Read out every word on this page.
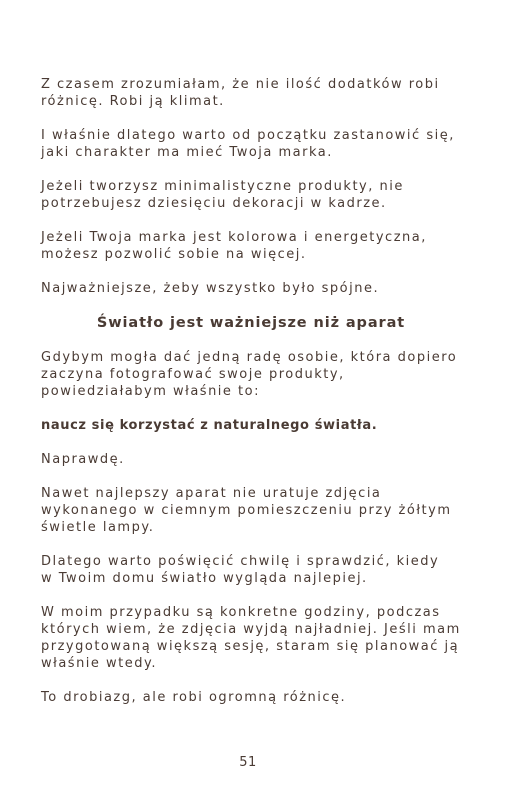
Z czasem zrozumiałam, że nie ilość dodatków robi
różnicę. Robi ją klimat.

I właśnie dlatego warto od początku zastanowić się,
jaki charakter ma mieć Twoja marka.

Jeżeli tworzysz minimalistyczne produkty, nie
potrzebujesz dziesięciu dekoracji w kadrze.

Jeżeli Twoja marka jest kolorowa i energetyczna,
możesz pozwolić sobie na więcej.

Najważniejsze, żeby wszystko było spójne.

Światło jest ważniejsze niż aparat

Gdybym mogła dać jedną radę osobie, która dopiero
zaczyna fotografować swoje produkty,
powiedziałabym właśnie to:

naucz się korzystać z naturalnego światła.

Naprawdę.

Nawet najlepszy aparat nie uratuje zdjęcia
wykonanego w ciemnym pomieszczeniu przy żółtym
świetle lampy.

Dlatego warto poświęcić chwilę i sprawdzić, kiedy
w Twoim domu światło wygląda najlepiej.

W moim przypadku są konkretne godziny, podczas
których wiem, że zdjęcia wyjdą najładniej. Jeśli mam
przygotowaną większą sesję, staram się planować ją
właśnie wtedy.

To drobiazg, ale robi ogromną różnicę.

51
